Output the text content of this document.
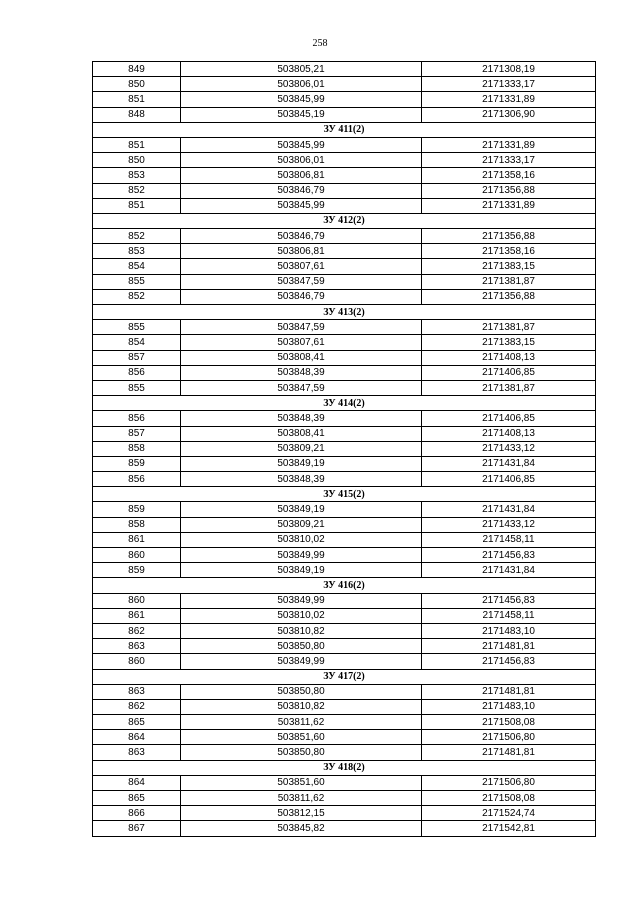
258
849	503805,21	2171308,19
850	503806,01	2171333,17
851	503845,99	2171331,89
848	503845,19	2171306,90
ЗУ 411(2)		
851	503845,99	2171331,89
850	503806,01	2171333,17
853	503806,81	2171358,16
852	503846,79	2171356,88
851	503845,99	2171331,89
ЗУ 412(2)		
852	503846,79	2171356,88
853	503806,81	2171358,16
854	503807,61	2171383,15
855	503847,59	2171381,87
852	503846,79	2171356,88
ЗУ 413(2)		
855	503847,59	2171381,87
854	503807,61	2171383,15
857	503808,41	2171408,13
856	503848,39	2171406,85
855	503847,59	2171381,87
ЗУ 414(2)		
856	503848,39	2171406,85
857	503808,41	2171408,13
858	503809,21	2171433,12
859	503849,19	2171431,84
856	503848,39	2171406,85
ЗУ 415(2)		
859	503849,19	2171431,84
858	503809,21	2171433,12
861	503810,02	2171458,11
860	503849,99	2171456,83
859	503849,19	2171431,84
ЗУ 416(2)		
860	503849,99	2171456,83
861	503810,02	2171458,11
862	503810,82	2171483,10
863	503850,80	2171481,81
860	503849,99	2171456,83
ЗУ 417(2)		
863	503850,80	2171481,81
862	503810,82	2171483,10
865	503811,62	2171508,08
864	503851,60	2171506,80
863	503850,80	2171481,81
ЗУ 418(2)		
864	503851,60	2171506,80
865	503811,62	2171508,08
866	503812,15	2171524,74
867	503845,82	2171542,81
